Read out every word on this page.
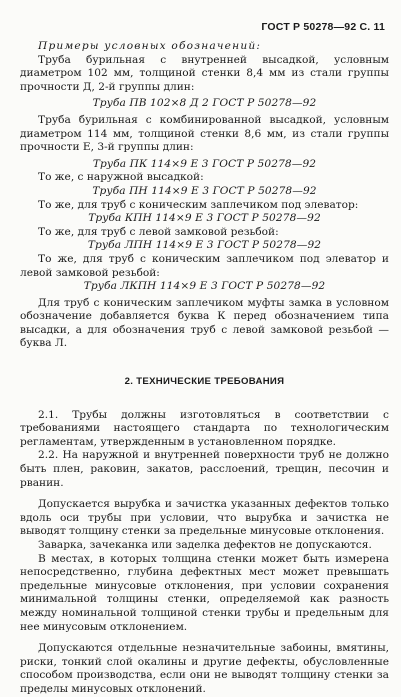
ГОСТ Р 50278—92 С. 11

Примеры условных обозначений:

Труба бурильная с внутренней высадкой, условным диаметром 102 мм, толщиной стенки 8,4 мм из стали группы прочности Д, 2-й группы длин:

Труба ПВ 102×8 Д 2 ГОСТ Р 50278—92

Труба бурильная с комбинированной высадкой, условным диаметром 114 мм, толщиной стенки 8,6 мм, из стали группы прочности Е, 3-й группы длин:

Труба ПК 114×9 Е 3 ГОСТ Р 50278—92

То же, с наружной высадкой:

Труба ПН 114×9 Е 3 ГОСТ Р 50278—92

То же, для труб с коническим заплечиком под элеватор:

Труба КПН 114×9 Е 3 ГОСТ Р 50278—92

То же, для труб с левой замковой резьбой:

Труба ЛПН 114×9 Е 3 ГОСТ Р 50278—92

То же, для труб с коническим заплечиком под элеватор и левой замковой резьбой:

Труба ЛКПН 114×9 Е 3 ГОСТ Р 50278—92

Для труб с коническим заплечиком муфты замка в условном обозначение добавляется буква К перед обозначением типа высадки, а для обозначения труб с левой замковой резьбой — буква Л.

2. ТЕХНИЧЕСКИЕ ТРЕБОВАНИЯ

2.1. Трубы должны изготовляться в соответствии с требованиями настоящего стандарта по технологическим регламентам, утвержденным в установленном порядке.

2.2. На наружной и внутренней поверхности труб не должно быть плен, раковин, закатов, расслоений, трещин, песочин и рванин.

Допускается вырубка и зачистка указанных дефектов только вдоль оси трубы при условии, что вырубка и зачистка не выводят толщину стенки за предельные минусовые отклонения.

Заварка, зачеканка или заделка дефектов не допускаются.

В местах, в которых толщина стенки может быть измерена непосредственно, глубина дефектных мест может превышать предельные минусовые отклонения, при условии сохранения минимальной толщины стенки, определяемой как разность между номинальной толщиной стенки трубы и предельным для нее минусовым отклонением.

Допускаются отдельные незначительные забоины, вмятины, риски, тонкий слой окалины и другие дефекты, обусловленные способом производства, если они не выводят толщину стенки за пределы минусовых отклонений.
